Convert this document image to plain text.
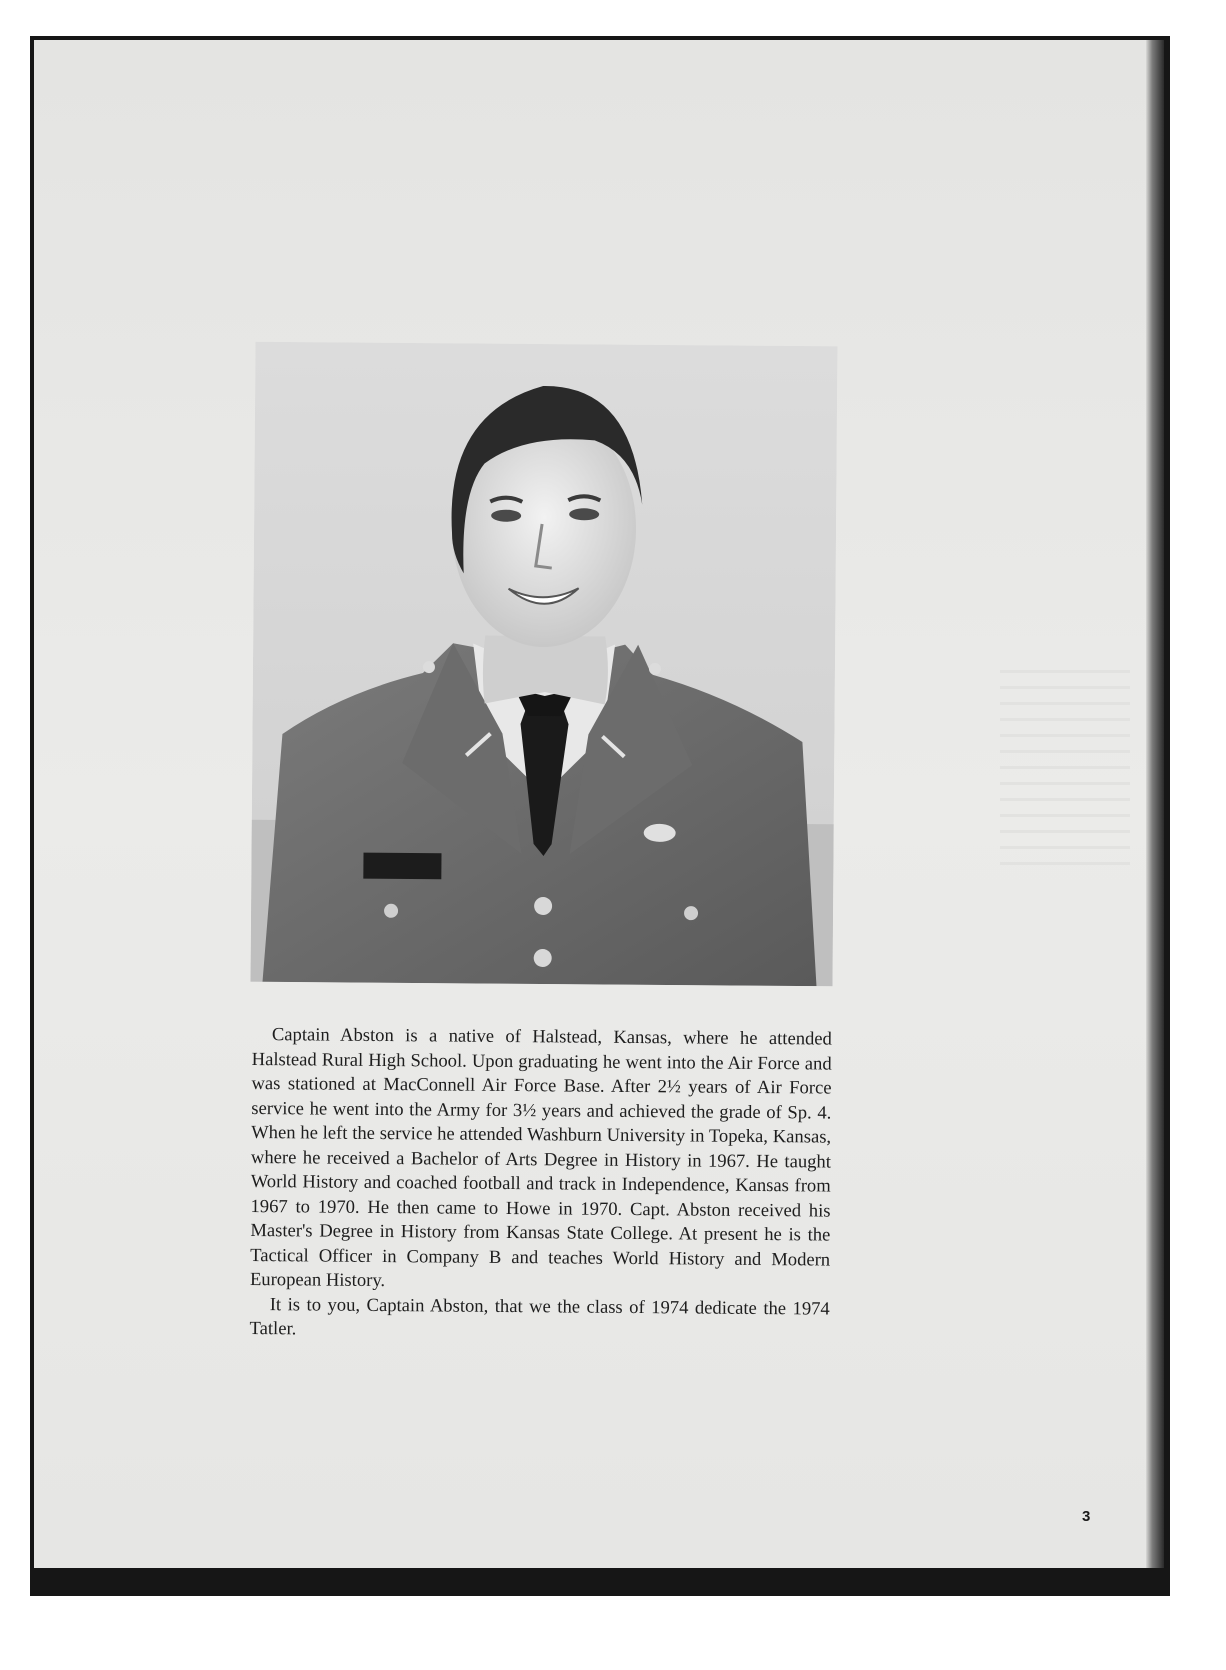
Captain Abston is a native of Halstead, Kansas, where he attended Halstead Rural High School. Upon graduating he went into the Air Force and was stationed at MacConnell Air Force Base. After 2½ years of Air Force service he went into the Army for 3½ years and achieved the grade of Sp. 4. When he left the service he attended Washburn University in Topeka, Kansas, where he received a Bachelor of Arts Degree in History in 1967. He taught World History and coached football and track in Independence, Kansas from 1967 to 1970. He then came to Howe in 1970. Capt. Abston received his Master's Degree in History from Kansas State College. At present he is the Tactical Officer in Company B and teaches World History and Modern European History.

It is to you, Captain Abston, that we the class of 1974 dedicate the 1974 Tatler.

3
